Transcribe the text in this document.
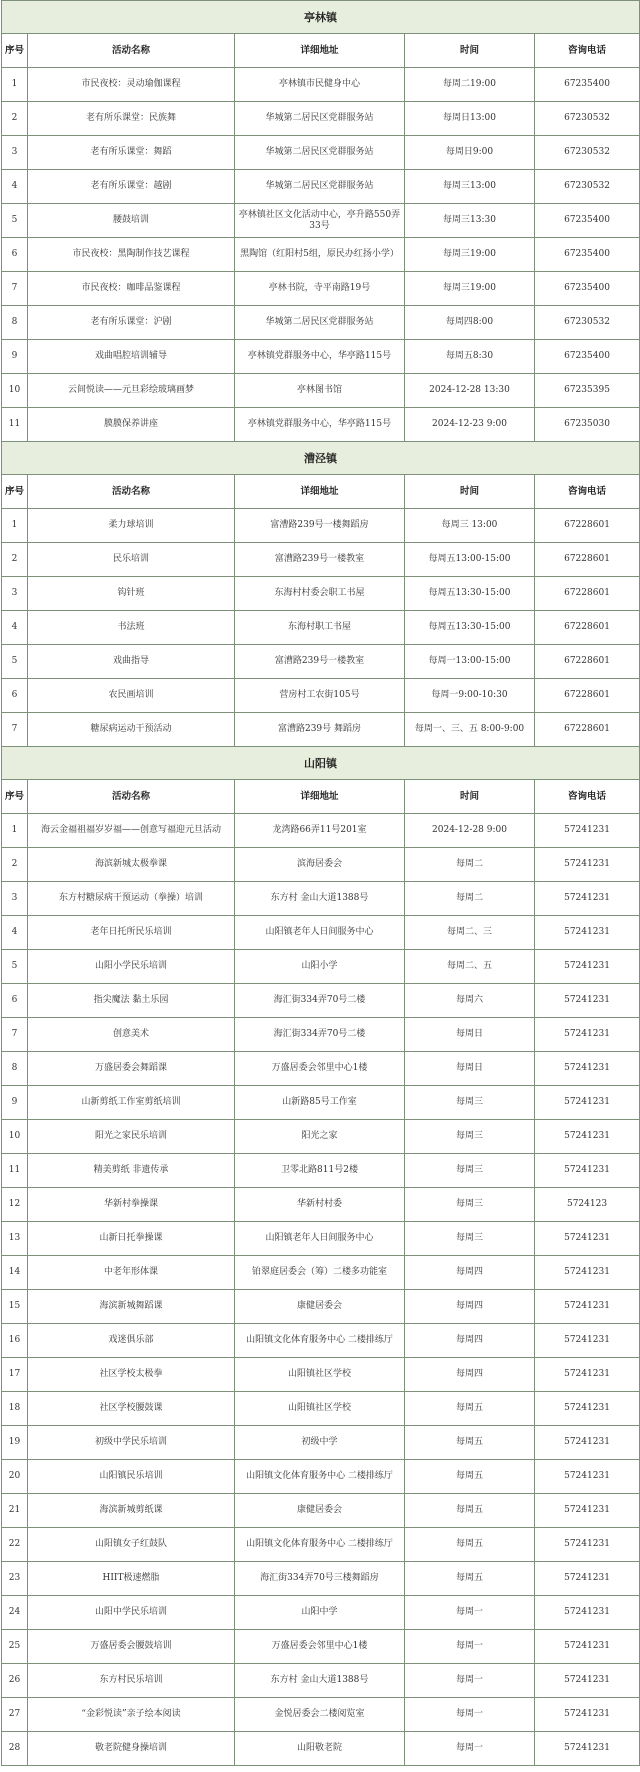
亭林镇				
序号	活动名称	详细地址	时间	咨询电话
1	市民夜校：灵动瑜伽课程	亭林镇市民健身中心	每周二19:00	67235400
2	老有所乐课堂：民族舞	华城第二居民区党群服务站	每周日13:00	67230532
3	老有所乐课堂：舞蹈	华城第二居民区党群服务站	每周日9:00	67230532
4	老有所乐课堂：越剧	华城第二居民区党群服务站	每周三13:00	67230532
5	腰鼓培训	亭林镇社区文化活动中心，亭升路550弄33号	每周三13:30	67235400
6	市民夜校：黑陶制作技艺课程	黑陶馆（红阳村5组，原民办红扬小学）	每周三19:00	67235400
7	市民夜校：咖啡品鉴课程	亭林书院，寺平南路19号	每周三19:00	67235400
8	老有所乐课堂：沪剧	华城第二居民区党群服务站	每周四8:00	67230532
9	戏曲唱腔培训辅导	亭林镇党群服务中心，华亭路115号	每周五8:30	67235400
10	云间悦读——元旦彩绘玻璃画梦	亭林图书馆	2024-12-28 13:30	67235395
11	膜膜保养讲座	亭林镇党群服务中心，华亭路115号	2024-12-23 9:00	67235030
漕泾镇				
序号	活动名称	详细地址	时间	咨询电话
1	柔力球培训	富漕路239号一楼舞蹈房	每周三 13:00	67228601
2	民乐培训	富漕路239号一楼教室	每周五13:00-15:00	67228601
3	钩针班	东海村村委会职工书屋	每周五13:30-15:00	67228601
4	书法班	东海村职工书屋	每周五13:30-15:00	67228601
5	戏曲指导	富漕路239号一楼教室	每周一13:00-15:00	67228601
6	农民画培训	营房村工农街105号	每周一9:00-10:30	67228601
7	糖尿病运动干预活动	富漕路239号 舞蹈房	每周一、三、五 8:00-9:00	67228601
山阳镇				
序号	活动名称	详细地址	时间	咨询电话
1	海云金福祖福岁岁福——创意写福迎元旦活动	龙湾路66弄11号201室	2024-12-28 9:00	57241231
2	海滨新城太极拳课	滨海居委会	每周二	57241231
3	东方村糖尿病干预运动（拳操）培训	东方村 金山大道1388号	每周二	57241231
4	老年日托所民乐培训	山阳镇老年人日间服务中心	每周二、三	57241231
5	山阳小学民乐培训	山阳小学	每周二、五	57241231
6	指尖魔法 黏土乐园	海汇街334弄70号二楼	每周六	57241231
7	创意美术	海汇街334弄70号二楼	每周日	57241231
8	万盛居委会舞蹈课	万盛居委会邻里中心1楼	每周日	57241231
9	山新剪纸工作室剪纸培训	山新路85号工作室	每周三	57241231
10	阳光之家民乐培训	阳光之家	每周三	57241231
11	精美剪纸 非遗传承	卫零北路811号2楼	每周三	57241231
12	华新村拳操课	华新村村委	每周三	5724123
13	山新日托拳操课	山阳镇老年人日间服务中心	每周三	57241231
14	中老年形体课	铂翠庭居委会（筹）二楼多功能室	每周四	57241231
15	海滨新城舞蹈课	康健居委会	每周四	57241231
16	戏迷俱乐部	山阳镇文化体育服务中心 二楼排练厅	每周四	57241231
17	社区学校太极拳	山阳镇社区学校	每周四	57241231
18	社区学校腰鼓课	山阳镇社区学校	每周五	57241231
19	初级中学民乐培训	初级中学	每周五	57241231
20	山阳镇民乐培训	山阳镇文化体育服务中心 二楼排练厅	每周五	57241231
21	海滨新城剪纸课	康健居委会	每周五	57241231
22	山阳镇女子红鼓队	山阳镇文化体育服务中心 二楼排练厅	每周五	57241231
23	HIIT极速燃脂	海汇街334弄70号三楼舞蹈房	每周五	57241231
24	山阳中学民乐培训	山阳中学	每周一	57241231
25	万盛居委会腰鼓培训	万盛居委会邻里中心1楼	每周一	57241231
26	东方村民乐培训	东方村 金山大道1388号	每周一	57241231
27	“金彩悦读”亲子绘本阅读	金悦居委会二楼阅览室	每周一	57241231
28	敬老院健身操培训	山阳敬老院	每周一	57241231
